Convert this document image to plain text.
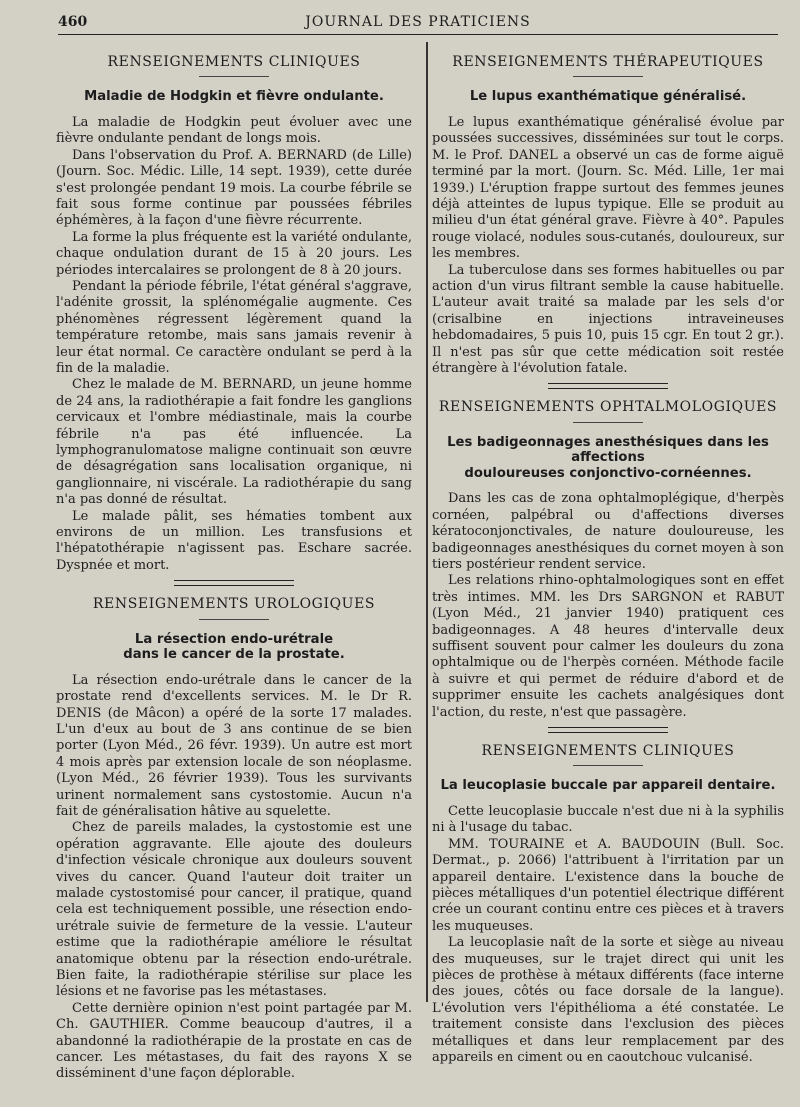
460	JOURNAL DES PRATICIENS
RENSEIGNEMENTS CLINIQUES
Maladie de Hodgkin et fièvre ondulante.

La maladie de Hodgkin peut évoluer avec une fièvre ondulante pendant de longs mois.

Dans l'observation du Prof. A. BERNARD (de Lille) (Journ. Soc. Médic. Lille, 14 sept. 1939), cette durée s'est prolongée pendant 19 mois. La courbe fébrile se fait sous forme continue par poussées fébriles éphémères, à la façon d'une fièvre récurrente.

La forme la plus fréquente est la variété ondulante, chaque ondulation durant de 15 à 20 jours. Les périodes intercalaires se prolongent de 8 à 20 jours.

Pendant la période fébrile, l'état général s'aggrave, l'adénite grossit, la splénomégalie augmente. Ces phénomènes régressent légèrement quand la température retombe, mais sans jamais revenir à leur état normal. Ce caractère ondulant se perd à la fin de la maladie.

Chez le malade de M. BERNARD, un jeune homme de 24 ans, la radiothérapie a fait fondre les ganglions cervicaux et l'ombre médiastinale, mais la courbe fébrile n'a pas été influencée. La lymphogranulomatose maligne continuait son œuvre de désagrégation sans localisation organique, ni ganglionnaire, ni viscérale. La radiothérapie du sang n'a pas donné de résultat.

Le malade pâlit, ses hématies tombent aux environs de un million. Les transfusions et l'hépatothérapie n'agissent pas. Eschare sacrée. Dyspnée et mort.

RENSEIGNEMENTS UROLOGIQUES
La résection endo-urétrale
dans le cancer de la prostate.

La résection endo-urétrale dans le cancer de la prostate rend d'excellents services. M. le Dr R. DENIS (de Mâcon) a opéré de la sorte 17 malades. L'un d'eux au bout de 3 ans continue de se bien porter (Lyon Méd., 26 févr. 1939). Un autre est mort 4 mois après par extension locale de son néoplasme. (Lyon Méd., 26 février 1939). Tous les survivants urinent normalement sans cystostomie. Aucun n'a fait de généralisation hâtive au squelette.

Chez de pareils malades, la cystostomie est une opération aggravante. Elle ajoute des douleurs d'infection vésicale chronique aux douleurs souvent vives du cancer. Quand l'auteur doit traiter un malade cystostomisé pour cancer, il pratique, quand cela est techniquement possible, une résection endo-urétrale suivie de fermeture de la vessie. L'auteur estime que la radiothérapie améliore le résultat anatomique obtenu par la résection endo-urétrale. Bien faite, la radiothérapie stérilise sur place les lésions et ne favorise pas les métastases.

Cette dernière opinion n'est point partagée par M. Ch. GAUTHIER. Comme beaucoup d'autres, il a abandonné la radiothérapie de la prostate en cas de cancer. Les métastases, du fait des rayons X se disséminent d'une façon déplorable.

RENSEIGNEMENTS THÉRAPEUTIQUES
Le lupus exanthématique généralisé.

Le lupus exanthématique généralisé évolue par poussées successives, disséminées sur tout le corps. M. le Prof. DANEL a observé un cas de forme aiguë terminé par la mort. (Journ. Sc. Méd. Lille, 1er mai 1939.) L'éruption frappe surtout des femmes jeunes déjà atteintes de lupus typique. Elle se produit au milieu d'un état général grave. Fièvre à 40°. Papules rouge violacé, nodules sous-cutanés, douloureux, sur les membres.

La tuberculose dans ses formes habituelles ou par action d'un virus filtrant semble la cause habituelle. L'auteur avait traité sa malade par les sels d'or (crisalbine en injections intraveineuses hebdomadaires, 5 puis 10, puis 15 cgr. En tout 2 gr.). Il n'est pas sûr que cette médication soit restée étrangère à l'évolution fatale.

RENSEIGNEMENTS OPHTALMOLOGIQUES
Les badigeonnages anesthésiques dans les affections
douloureuses conjonctivo-cornéennes.

Dans les cas de zona ophtalmoplégique, d'herpès cornéen, palpébral ou d'affections diverses kératoconjonctivales, de nature douloureuse, les badigeonnages anesthésiques du cornet moyen à son tiers postérieur rendent service.

Les relations rhino-ophtalmologiques sont en effet très intimes. MM. les Drs SARGNON et RABUT (Lyon Méd., 21 janvier 1940) pratiquent ces badigeonnages. A 48 heures d'intervalle deux suffisent souvent pour calmer les douleurs du zona ophtalmique ou de l'herpès cornéen. Méthode facile à suivre et qui permet de réduire d'abord et de supprimer ensuite les cachets analgésiques dont l'action, du reste, n'est que passagère.

RENSEIGNEMENTS CLINIQUES
La leucoplasie buccale par appareil dentaire.

Cette leucoplasie buccale n'est due ni à la syphilis ni à l'usage du tabac.

MM. TOURAINE et A. BAUDOUIN (Bull. Soc. Dermat., p. 2066) l'attribuent à l'irritation par un appareil dentaire. L'existence dans la bouche de pièces métalliques d'un potentiel électrique différent crée un courant continu entre ces pièces et à travers les muqueuses.

La leucoplasie naît de la sorte et siège au niveau des muqueuses, sur le trajet direct qui unit les pièces de prothèse à métaux différents (face interne des joues, côtés ou face dorsale de la langue). L'évolution vers l'épithélioma a été constatée. Le traitement consiste dans l'exclusion des pièces métalliques et dans leur remplacement par des appareils en ciment ou en caoutchouc vulcanisé.
